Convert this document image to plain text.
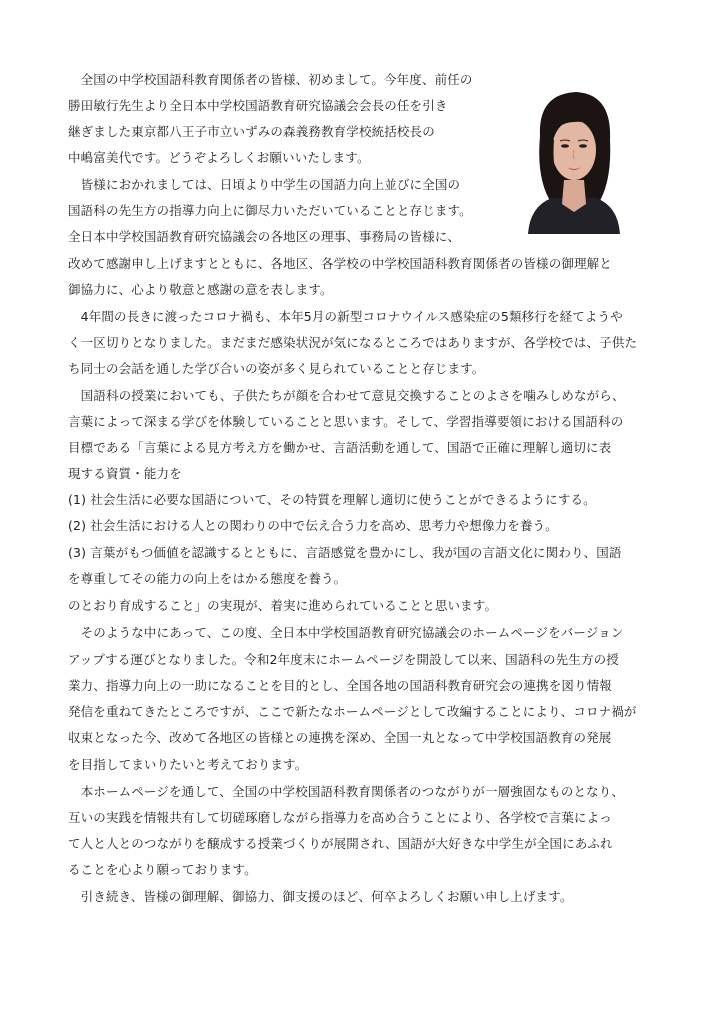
　全国の中学校国語科教育関係者の皆様、初めまして。今年度、前任の
勝田敏行先生より全日本中学校国語教育研究協議会会長の任を引き
継ぎました東京都八王子市立いずみの森義務教育学校統括校長の
中嶋富美代です。どうぞよろしくお願いいたします。
　皆様におかれましては、日頃より中学生の国語力向上並びに全国の
国語科の先生方の指導力向上に御尽力いただいていることと存じます。
全日本中学校国語教育研究協議会の各地区の理事、事務局の皆様に、
改めて感謝申し上げますとともに、各地区、各学校の中学校国語科教育関係者の皆様の御理解と
御協力に、心より敬意と感謝の意を表します。
　4年間の長きに渡ったコロナ禍も、本年5月の新型コロナウイルス感染症の5類移行を経てようや
く一区切りとなりました。まだまだ感染状況が気になるところではありますが、各学校では、子供た
ち同士の会話を通した学び合いの姿が多く見られていることと存じます。
　国語科の授業においても、子供たちが顔を合わせて意見交換することのよさを噛みしめながら、
言葉によって深まる学びを体験していることと思います。そして、学習指導要領における国語科の
目標である「言葉による見方考え方を働かせ、言語活動を通して、国語で正確に理解し適切に表
現する資質・能力を
(1) 社会生活に必要な国語について、その特質を理解し適切に使うことができるようにする。
(2) 社会生活における人との関わりの中で伝え合う力を高め、思考力や想像力を養う。
(3) 言葉がもつ価値を認識するとともに、言語感覚を豊かにし、我が国の言語文化に関わり、国語
を尊重してその能力の向上をはかる態度を養う。
のとおり育成すること」の実現が、着実に進められていることと思います。
　そのような中にあって、この度、全日本中学校国語教育研究協議会のホームページをバージョン
アップする運びとなりました。令和2年度末にホームページを開設して以来、国語科の先生方の授
業力、指導力向上の一助になることを目的とし、全国各地の国語科教育研究会の連携を図り情報
発信を重ねてきたところですが、ここで新たなホームページとして改編することにより、コロナ禍が
収束となった今、改めて各地区の皆様との連携を深め、全国一丸となって中学校国語教育の発展
を目指してまいりたいと考えております。
　本ホームページを通して、全国の中学校国語科教育関係者のつながりが一層強固なものとなり、
互いの実践を情報共有して切磋琢磨しながら指導力を高め合うことにより、各学校で言葉によっ
て人と人とのつながりを醸成する授業づくりが展開され、国語が大好きな中学生が全国にあふれ
ることを心より願っております。
　引き続き、皆様の御理解、御協力、御支援のほど、何卒よろしくお願い申し上げます。
